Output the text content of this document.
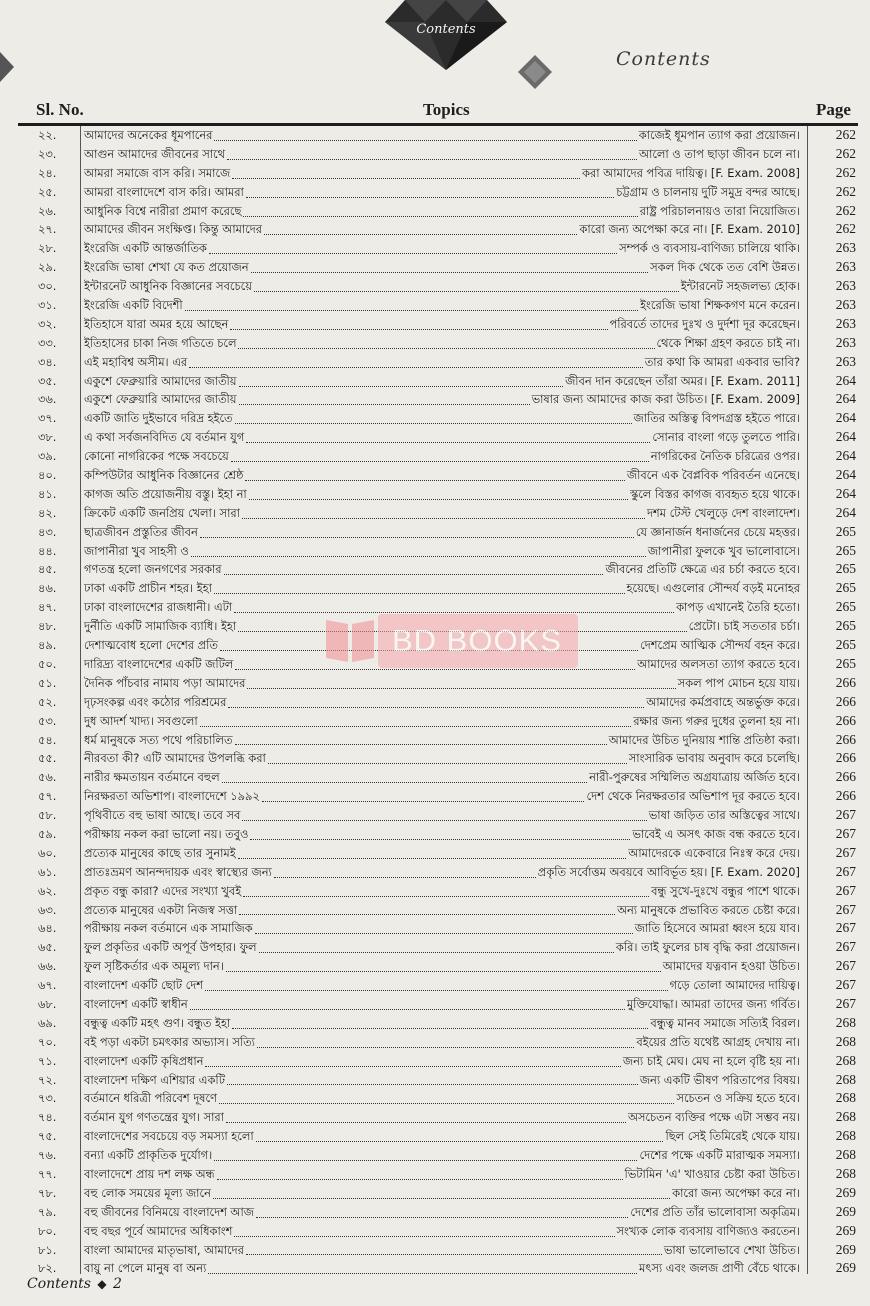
Contents
Contents
Sl. No.	Topics	Page
২২.	আমাদের অনেকের ধূমপানের	কাজেই ধূমপান ত্যাগ করা প্রয়োজন।	262
২৩.	আগুন আমাদের জীবনের সাথে	আলো ও তাপ ছাড়া জীবন চলে না।	262
২৪.	আমরা সমাজে বাস করি। সমাজে	করা আমাদের পবিত্র দায়িত্ব। [F. Exam. 2008]	262
২৫.	আমরা বাংলাদেশে বাস করি। আমরা	চট্টগ্রাম ও চালনায় দুটি সমুদ্র বন্দর আছে।	262
২৬.	আধুনিক বিশ্বে নারীরা প্রমাণ করেছে	রাষ্ট্র পরিচালনায়ও তারা নিয়োজিত।	262
২৭.	আমাদের জীবন সংক্ষিপ্ত। কিন্তু আমাদের	কারো জন্য অপেক্ষা করে না। [F. Exam. 2010]	262
২৮.	ইংরেজি একটি আন্তর্জাতিক	সম্পর্ক ও ব্যবসায়-বাণিজ্য চালিয়ে থাকি।	263
২৯.	ইংরেজি ভাষা শেখা যে কত প্রয়োজন	সকল দিক থেকে তত বেশি উন্নত।	263
৩০.	ইন্টারনেট আধুনিক বিজ্ঞানের সবচেয়ে	ইন্টারনেট সহজলভ্য হোক।	263
৩১.	ইংরেজি একটি বিদেশী	ইংরেজি ভাষা শিক্ষকগণ মনে করেন।	263
৩২.	ইতিহাসে যারা অমর হয়ে আছেন	পরিবর্তে তাদের দুঃখ ও দুর্দশা দূর করেছেন।	263
৩৩.	ইতিহাসের চাকা নিজ গতিতে চলে	থেকে শিক্ষা গ্রহণ করতে চাই না।	263
৩৪.	এই মহাবিশ্ব অসীম। এর	তার কথা কি আমরা একবার ভাবি?	263
৩৫.	একুশে ফেব্রুয়ারি আমাদের জাতীয়	জীবন দান করেছেন তাঁরা অমর। [F. Exam. 2011]	264
৩৬.	একুশে ফেব্রুয়ারি আমাদের জাতীয়	ভাষার জন্য আমাদের কাজ করা উচিত। [F. Exam. 2009]	264
৩৭.	একটি জাতি দুইভাবে দরিদ্র হইতে	জাতির অস্তিত্ব বিপদগ্রস্ত হইতে পারে।	264
৩৮.	এ কথা সর্বজনবিদিত যে বর্তমান যুগ	সোনার বাংলা গড়ে তুলতে পারি।	264
৩৯.	কোনো নাগরিকের পক্ষে সবচেয়ে	নাগরিকের নৈতিক চরিত্রের ওপর।	264
৪০.	কম্পিউটার আধুনিক বিজ্ঞানের শ্রেষ্ঠ	জীবনে এক বৈপ্লবিক পরিবর্তন এনেছে।	264
৪১.	কাগজ অতি প্রয়োজনীয় বস্তু। ইহা না	স্কুলে বিস্তর কাগজ ব্যবহৃত হয়ে থাকে।	264
৪২.	ক্রিকেট একটি জনপ্রিয় খেলা। সারা	দশম টেস্ট খেলুড়ে দেশ বাংলাদেশ।	264
৪৩.	ছাত্রজীবন প্রস্তুতির জীবন	যে জ্ঞানার্জন ধনার্জনের চেয়ে মহত্তর।	265
৪৪.	জাপানীরা খুব সাহসী ও	জাপানীরা ফুলকে খুব ভালোবাসে।	265
৪৫.	গণতন্ত্র হলো জনগণের সরকার	জীবনের প্রতিটি ক্ষেত্রে এর চর্চা করতে হবে।	265
৪৬.	ঢাকা একটি প্রাচীন শহর। ইহা	হয়েছে। এগুলোর সৌন্দর্য বড়ই মনোহর	265
৪৭.	ঢাকা বাংলাদেশের রাজধানী। এটা	কাপড় এখানেই তৈরি হতো।	265
৪৮.	দুর্নীতি একটি সামাজিক ব্যাধি। ইহা	প্রেটো। চাই সততার চর্চা।	265
৪৯.	দেশাত্মবোধ হলো দেশের প্রতি	দেশপ্রেম আত্মিক সৌন্দর্য বহন করে।	265
৫০.	দারিদ্র্য বাংলাদেশের একটি জটিল	আমাদের অলসতা ত্যাগ করতে হবে।	265
৫১.	দৈনিক পাঁচবার নামায পড়া আমাদের	সকল পাপ মোচন হয়ে যায়।	266
৫২.	দৃঢ়সংকল্প এবং কঠোর পরিশ্রমের	আমাদের কর্মপ্রবাহে অন্তর্ভুক্ত করে।	266
৫৩.	দুধ আদর্শ খাদ্য। সবগুলো	রক্ষার জন্য গরুর দুধের তুলনা হয় না।	266
৫৪.	ধর্ম মানুষকে সত্য পথে পরিচালিত	আমাদের উচিত দুনিয়ায় শান্তি প্রতিষ্ঠা করা।	266
৫৫.	নীরবতা কী? এটি আমাদের উপলব্ধি করা	সাংসারিক ভাবায় অনুবাদ করে চলেছি।	266
৫৬.	নারীর ক্ষমতায়ন বর্তমানে বহুল	নারী-পুরুষের সম্মিলিত অগ্রযাত্রায় অর্জিত হবে।	266
৫৭.	নিরক্ষরতা অভিশাপ। বাংলাদেশে ১৯৯২	দেশ থেকে নিরক্ষরতার অভিশাপ দূর করতে হবে।	266
৫৮.	পৃথিবীতে বহু ভাষা আছে। তবে সব	ভাষা জড়িত তার অস্তিত্বের সাথে।	267
৫৯.	পরীক্ষায় নকল করা ভালো নয়। তবুও	ভাবেই এ অসৎ কাজ বন্ধ করতে হবে।	267
৬০.	প্রত্যেক মানুষের কাছে তার সুনামই	আমাদেরকে একেবারে নিঃস্ব করে দেয়।	267
৬১.	প্রাতঃভ্রমণ আনন্দদায়ক এবং স্বাস্থ্যের জন্য	প্রকৃতি সর্বোত্তম অবয়বে আবির্ভূত হয়। [F. Exam. 2020]	267
৬২.	প্রকৃত বন্ধু কারা? এদের সংখ্যা খুবই	বন্ধু সুখে-দুঃখে বন্ধুর পাশে থাকে।	267
৬৩.	প্রত্যেক মানুষের একটা নিজস্ব সত্তা	অন্য মানুষকে প্রভাবিত করতে চেষ্টা করে।	267
৬৪.	পরীক্ষায় নকল বর্তমানে এক সামাজিক	জাতি হিসেবে আমরা ধ্বংস হয়ে যাব।	267
৬৫.	ফুল প্রকৃতির একটি অপূর্ব উপহার। ফুল	করি। তাই ফুলের চাষ বৃদ্ধি করা প্রয়োজন।	267
৬৬.	ফুল সৃষ্টিকর্তার এক অমূল্য দান।	আমাদের যত্নবান হওয়া উচিত।	267
৬৭.	বাংলাদেশ একটি ছোট দেশ	গড়ে তোলা আমাদের দায়িত্ব।	267
৬৮.	বাংলাদেশ একটি স্বাধীন	মুক্তিযোদ্ধা। আমরা তাদের জন্য গর্বিত।	267
৬৯.	বন্ধুত্ব একটি মহৎ গুণ। বন্ধুত ইহা	বন্ধুত্ব মানব সমাজে সত্যিই বিরল।	268
৭০.	বই পড়া একটা চমৎকার অভ্যাস। সত্যি	বইয়ের প্রতি যথেষ্ট আগ্রহ দেখায় না।	268
৭১.	বাংলাদেশ একটি কৃষিপ্রধান	জন্য চাই মেঘ। মেঘ না হলে বৃষ্টি হয় না।	268
৭২.	বাংলাদেশ দক্ষিণ এশিয়ার একটি	জন্য একটি ভীষণ পরিতাপের বিষয়।	268
৭৩.	বর্তমানে ধরিত্রী পরিবেশ দূষণে	সচেতন ও সক্রিয় হতে হবে।	268
৭৪.	বর্তমান যুগ গণতন্ত্রের যুগ। সারা	অসচেতন ব্যক্তির পক্ষে এটা সম্ভব নয়।	268
৭৫.	বাংলাদেশের সবচেয়ে বড় সমস্যা হলো	ছিল সেই তিমিরেই থেকে যায়।	268
৭৬.	বন্যা একটি প্রাকৃতিক দুর্যোগ।	দেশের পক্ষে একটি মারাত্মক সমস্যা।	268
৭৭.	বাংলাদেশে প্রায় দশ লক্ষ অন্ধ	ভিটামিন 'এ' খাওয়ার চেষ্টা করা উচিত।	268
৭৮.	বহু লোক সময়ের মূল্য জানে	কারো জন্য অপেক্ষা করে না।	269
৭৯.	বহু জীবনের বিনিময়ে বাংলাদেশ আজ	দেশের প্রতি তাঁর ভালোবাসা অকৃত্রিম।	269
৮০.	বহু বছর পূর্বে আমাদের অধিকাংশ	সংখ্যক লোক ব্যবসায় বাণিজ্যও করতেন।	269
৮১.	বাংলা আমাদের মাতৃভাষা, আমাদের	ভাষা ভালোভাবে শেখা উচিত।	269
৮২.	বায়ু না পেলে মানুষ বা অন্য	মৎস্য এবং জলজ প্রাণী বেঁচে থাকে।	269
BD BOOKS
Contents ◆ 2
